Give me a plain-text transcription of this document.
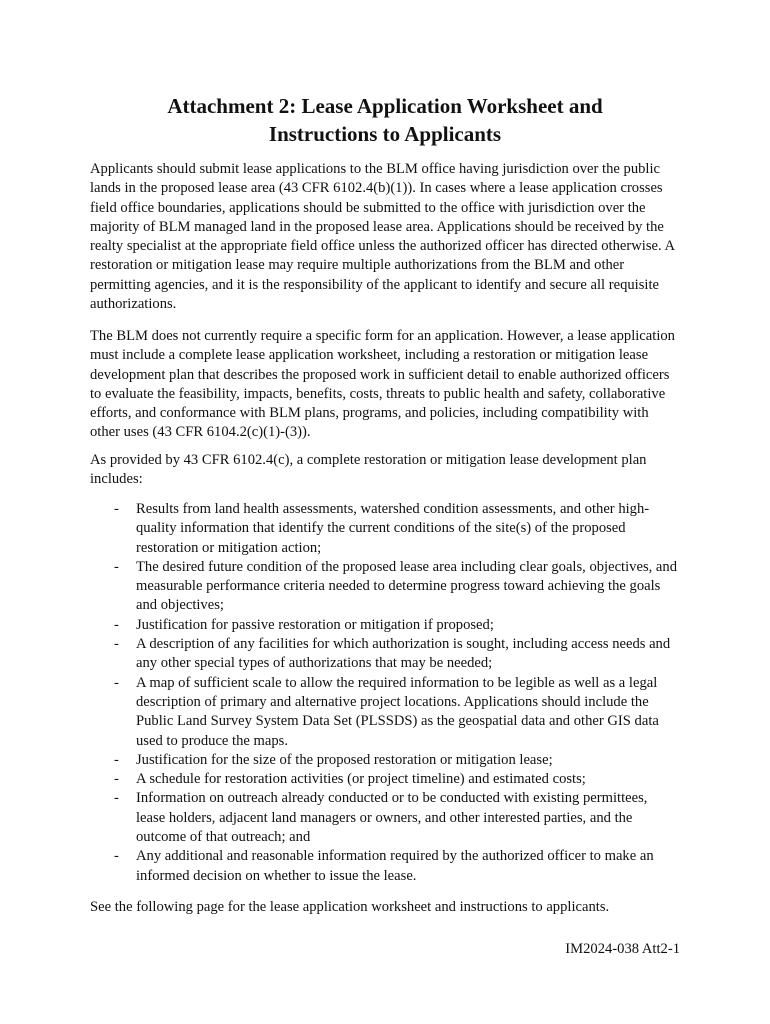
Attachment 2: Lease Application Worksheet and
Instructions to Applicants

Applicants should submit lease applications to the BLM office having jurisdiction over the public lands in the proposed lease area (43 CFR 6102.4(b)(1)). In cases where a lease application crosses field office boundaries, applications should be submitted to the office with jurisdiction over the majority of BLM managed land in the proposed lease area. Applications should be received by the realty specialist at the appropriate field office unless the authorized officer has directed otherwise. A restoration or mitigation lease may require multiple authorizations from the BLM and other permitting agencies, and it is the responsibility of the applicant to identify and secure all requisite authorizations.

The BLM does not currently require a specific form for an application. However, a lease application must include a complete lease application worksheet, including a restoration or mitigation lease development plan that describes the proposed work in sufficient detail to enable authorized officers to evaluate the feasibility, impacts, benefits, costs, threats to public health and safety, collaborative efforts, and conformance with BLM plans, programs, and policies, including compatibility with other uses (43 CFR 6104.2(c)(1)-(3)).

As provided by 43 CFR 6102.4(c), a complete restoration or mitigation lease development plan includes:

- Results from land health assessments, watershed condition assessments, and other high-quality information that identify the current conditions of the site(s) of the proposed restoration or mitigation action;
- The desired future condition of the proposed lease area including clear goals, objectives, and measurable performance criteria needed to determine progress toward achieving the goals and objectives;
- Justification for passive restoration or mitigation if proposed;
- A description of any facilities for which authorization is sought, including access needs and any other special types of authorizations that may be needed;
- A map of sufficient scale to allow the required information to be legible as well as a legal description of primary and alternative project locations. Applications should include the Public Land Survey System Data Set (PLSSDS) as the geospatial data and other GIS data used to produce the maps.
- Justification for the size of the proposed restoration or mitigation lease;
- A schedule for restoration activities (or project timeline) and estimated costs;
- Information on outreach already conducted or to be conducted with existing permittees, lease holders, adjacent land managers or owners, and other interested parties, and the outcome of that outreach; and
- Any additional and reasonable information required by the authorized officer to make an informed decision on whether to issue the lease.

See the following page for the lease application worksheet and instructions to applicants.

IM2024-038 Att2-1
